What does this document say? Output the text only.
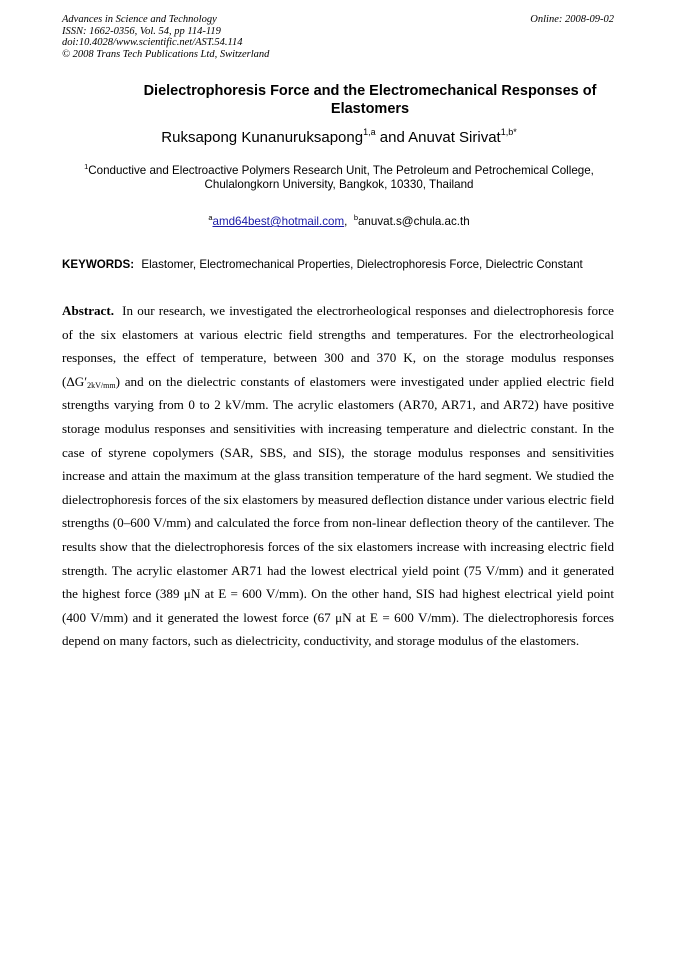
Advances in Science and Technology
ISSN: 1662-0356, Vol. 54, pp 114-119
doi:10.4028/www.scientific.net/AST.54.114
© 2008 Trans Tech Publications Ltd, Switzerland
Online: 2008-09-02
Dielectrophoresis Force and the Electromechanical Responses of Elastomers
Ruksapong Kunanuruksapong$^{1,a}$ and Anuvat Sirivat$^{1,b*}$
$^1$Conductive and Electroactive Polymers Research Unit, The Petroleum and Petrochemical College,
Chulalongkorn University, Bangkok, 10330, Thailand
$^a$amd64best@hotmail.com,  $^b$anuvat.s@chula.ac.th
KEYWORDS: Elastomer, Electromechanical Properties, Dielectrophoresis Force, Dielectric Constant
Abstract. In our research, we investigated the electrorheological responses and dielectrophoresis force of the six elastomers at various electric field strengths and temperatures. For the electrorheological responses, the effect of temperature, between 300 and 370 K, on the storage modulus responses $(\Delta G'_{2kV/mm})$ and on the dielectric constants of elastomers were investigated under applied electric field strengths varying from 0 to 2 kV/mm. The acrylic elastomers (AR70, AR71, and AR72) have positive storage modulus responses and sensitivities with increasing temperature and dielectric constant. In the case of styrene copolymers (SAR, SBS, and SIS), the storage modulus responses and sensitivities increase and attain the maximum at the glass transition temperature of the hard segment. We studied the dielectrophoresis forces of the six elastomers by measured deflection distance under various electric field strengths (0–600 V/mm) and calculated the force from non-linear deflection theory of the cantilever. The results show that the dielectrophoresis forces of the six elastomers increase with increasing electric field strength. The acrylic elastomer AR71 had the lowest electrical yield point (75 V/mm) and it generated the highest force (389 μN at E = 600 V/mm). On the other hand, SIS had highest electrical yield point (400 V/mm) and it generated the lowest force (67 μN at E = 600 V/mm). The dielectrophoresis forces depend on many factors, such as dielectricity, conductivity, and storage modulus of the elastomers.
